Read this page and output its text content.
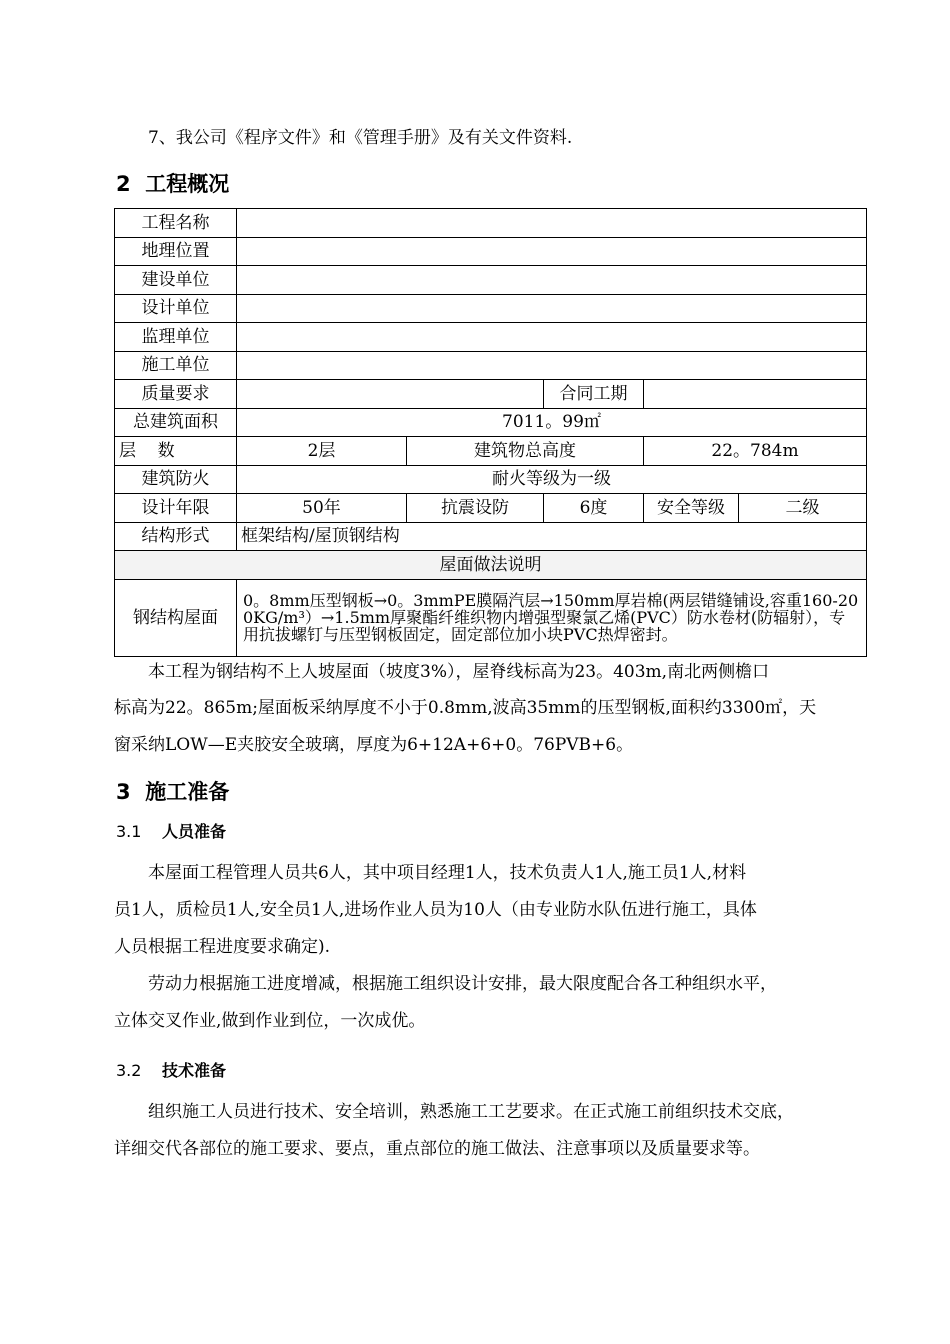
7、我公司《程序文件》和《管理手册》及有关文件资料.
2 工程概况
工程名称					
地理位置					
建设单位					
设计单位					
监理单位					
施工单位					
质量要求			合同工期		
总建筑面积	7011。99㎡				
层    数	2层	建筑物总高度		22。784m	
建筑防火	耐火等级为一级				
设计年限	50年	抗震设防	6度	安全等级	二级
结构形式	框架结构/屋顶钢结构				
屋面做法说明					
钢结构屋面	0。8mm压型钢板→0。3mmPE膜隔汽层→150mm厚岩棉(两层错缝铺设,容重160-200KG/m³）→1.5mm厚聚酯纤维织物内增强型聚氯乙烯(PVC）防水卷材(防辐射），专用抗拔螺钉与压型钢板固定，固定部位加小块PVC热焊密封。				
本工程为钢结构不上人坡屋面（坡度3%），屋脊线标高为23。403m,南北两侧檐口
标高为22。865m;屋面板采纳厚度不小于0.8mm,波高35mm的压型钢板,面积约3300㎡，天
窗采纳LOW—E夹胶安全玻璃，厚度为6+12A+6+0。76PVB+6。
3 施工准备
3.1 人员准备
本屋面工程管理人员共6人，其中项目经理1人，技术负责人1人,施工员1人,材料
员1人，质检员1人,安全员1人,进场作业人员为10人（由专业防水队伍进行施工，具体
人员根据工程进度要求确定).
劳动力根据施工进度增减，根据施工组织设计安排，最大限度配合各工种组织水平，
立体交叉作业,做到作业到位，一次成优。
3.2 技术准备
组织施工人员进行技术、安全培训，熟悉施工工艺要求。在正式施工前组织技术交底，
详细交代各部位的施工要求、要点，重点部位的施工做法、注意事项以及质量要求等。
